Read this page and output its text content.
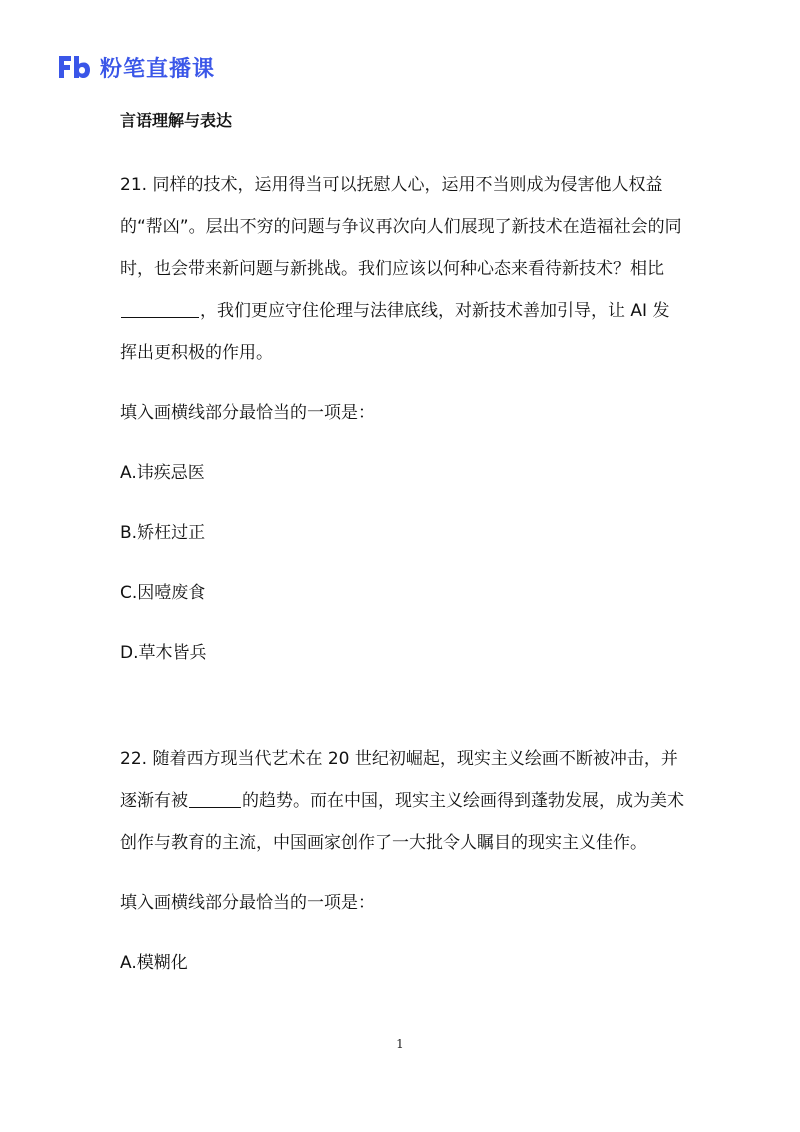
粉笔直播课
言语理解与表达

21. 同样的技术，运用得当可以抚慰人心，运用不当则成为侵害他人权益的“帮凶”。层出不穷的问题与争议再次向人们展现了新技术在造福社会的同时，也会带来新问题与新挑战。我们应该以何种心态来看待新技术？相比，我们更应守住伦理与法律底线，对新技术善加引导，让 AI 发挥出更积极的作用。

填入画横线部分最恰当的一项是：

A.讳疾忌医

B.矫枉过正

C.因噎废食

D.草木皆兵

22. 随着西方现当代艺术在 20 世纪初崛起，现实主义绘画不断被冲击，并逐渐有被	的趋势。而在中国，现实主义绘画得到蓬勃发展，成为美术创作与教育的主流，中国画家创作了一大批令人瞩目的现实主义佳作。

填入画横线部分最恰当的一项是：

A.模糊化

1
